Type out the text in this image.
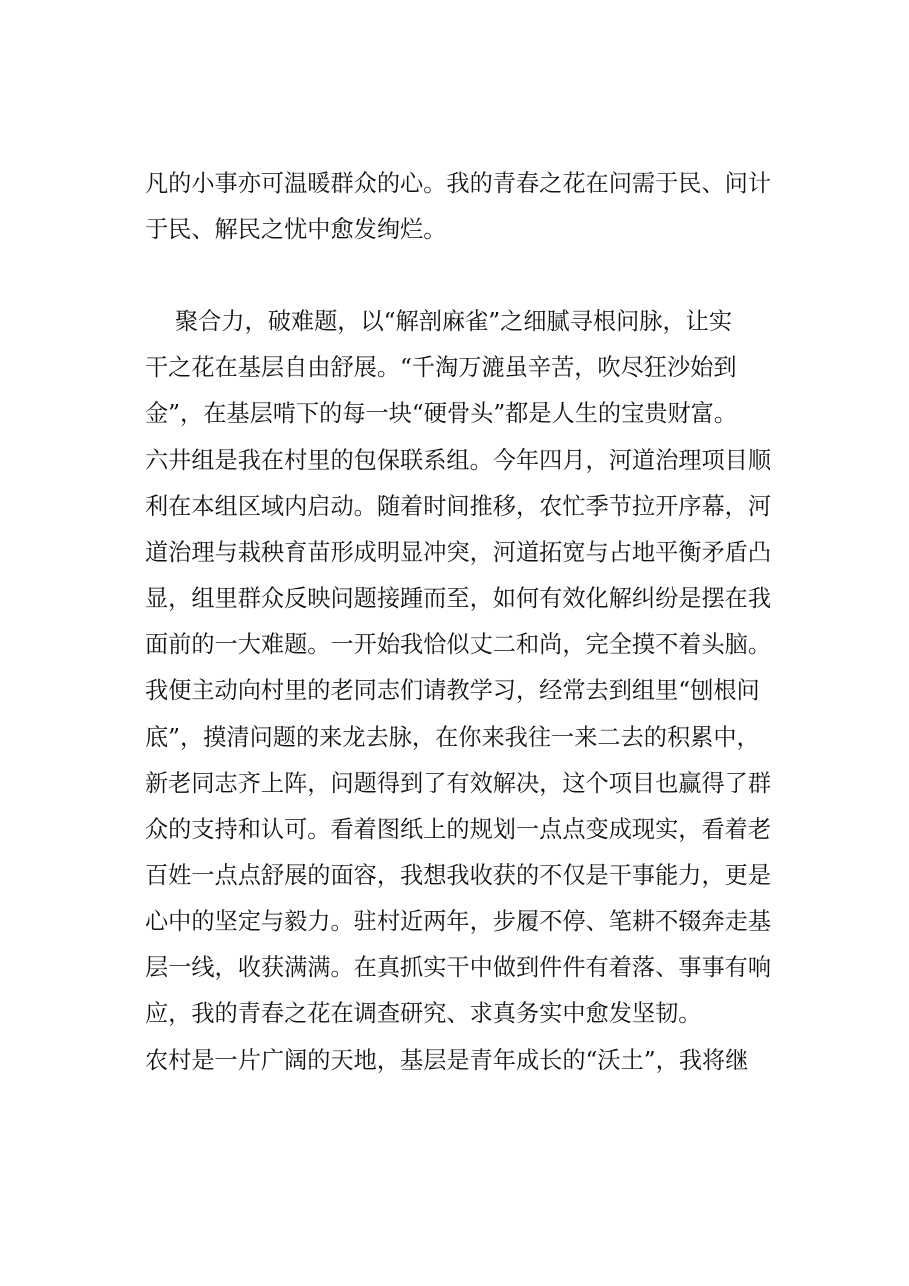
凡的小事亦可温暖群众的心。我的青春之花在问需于民、问计
于民、解民之忧中愈发绚烂。
聚合力，破难题，以“解剖麻雀”之细腻寻根问脉，让实
干之花在基层自由舒展。“千淘万漉虽辛苦，吹尽狂沙始到
金”，在基层啃下的每一块“硬骨头”都是人生的宝贵财富。
六井组是我在村里的包保联系组。今年四月，河道治理项目顺
利在本组区域内启动。随着时间推移，农忙季节拉开序幕，河
道治理与栽秧育苗形成明显冲突，河道拓宽与占地平衡矛盾凸
显，组里群众反映问题接踵而至，如何有效化解纠纷是摆在我
面前的一大难题。一开始我恰似丈二和尚，完全摸不着头脑。
我便主动向村里的老同志们请教学习，经常去到组里“刨根问
底”，摸清问题的来龙去脉，在你来我往一来二去的积累中，
新老同志齐上阵，问题得到了有效解决，这个项目也赢得了群
众的支持和认可。看着图纸上的规划一点点变成现实，看着老
百姓一点点舒展的面容，我想我收获的不仅是干事能力，更是
心中的坚定与毅力。驻村近两年，步履不停、笔耕不辍奔走基
层一线，收获满满。在真抓实干中做到件件有着落、事事有响
应，我的青春之花在调查研究、求真务实中愈发坚韧。
农村是一片广阔的天地，基层是青年成长的“沃土”，我将继
